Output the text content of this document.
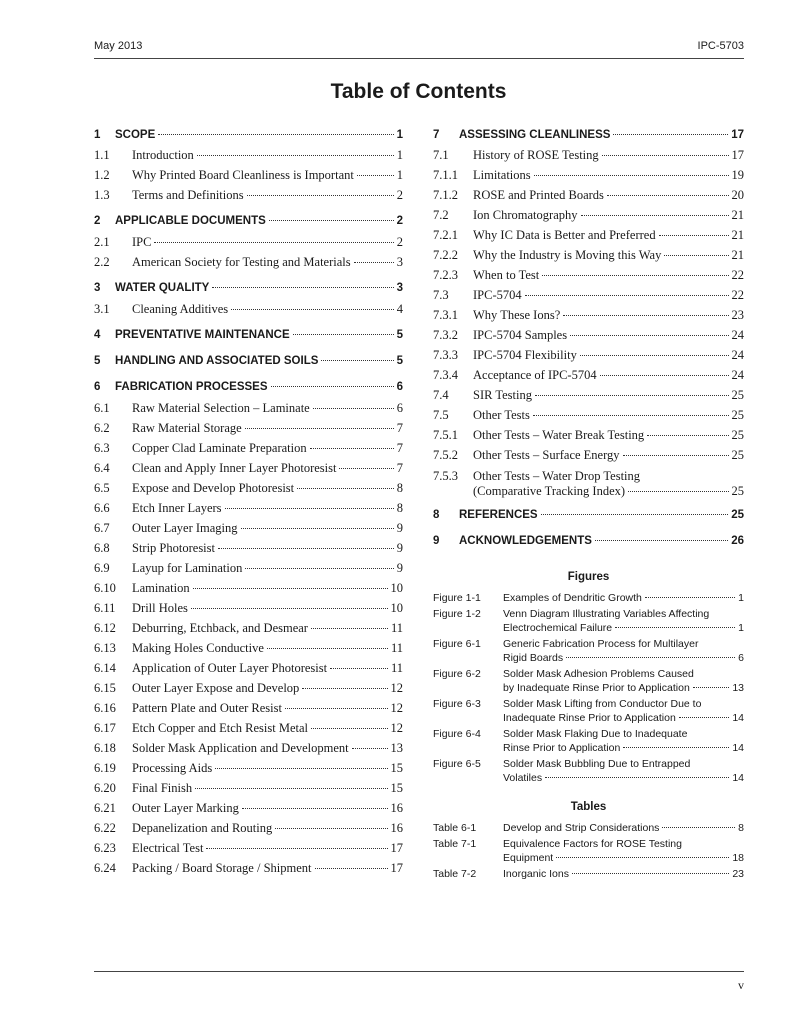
May 2013	IPC-5703
Table of Contents
1	SCOPE	1
1.1	Introduction	1
1.2	Why Printed Board Cleanliness is Important	1
1.3	Terms and Definitions	2
2	APPLICABLE DOCUMENTS	2
2.1	IPC	2
2.2	American Society for Testing and Materials	3
3	WATER QUALITY	3
3.1	Cleaning Additives	4
4	PREVENTATIVE MAINTENANCE	5
5	HANDLING AND ASSOCIATED SOILS	5
6	FABRICATION PROCESSES	6
6.1	Raw Material Selection – Laminate	6
6.2	Raw Material Storage	7
6.3	Copper Clad Laminate Preparation	7
6.4	Clean and Apply Inner Layer Photoresist	7
6.5	Expose and Develop Photoresist	8
6.6	Etch Inner Layers	8
6.7	Outer Layer Imaging	9
6.8	Strip Photoresist	9
6.9	Layup for Lamination	9
6.10	Lamination	10
6.11	Drill Holes	10
6.12	Deburring, Etchback, and Desmear	11
6.13	Making Holes Conductive	11
6.14	Application of Outer Layer Photoresist	11
6.15	Outer Layer Expose and Develop	12
6.16	Pattern Plate and Outer Resist	12
6.17	Etch Copper and Etch Resist Metal	12
6.18	Solder Mask Application and Development	13
6.19	Processing Aids	15
6.20	Final Finish	15
6.21	Outer Layer Marking	16
6.22	Depanelization and Routing	16
6.23	Electrical Test	17
6.24	Packing / Board Storage / Shipment	17
7	ASSESSING CLEANLINESS	17
7.1	History of ROSE Testing	17
7.1.1	Limitations	19
7.1.2	ROSE and Printed Boards	20
7.2	Ion Chromatography	21
7.2.1	Why IC Data is Better and Preferred	21
7.2.2	Why the Industry is Moving this Way	21
7.2.3	When to Test	22
7.3	IPC-5704	22
7.3.1	Why These Ions?	23
7.3.2	IPC-5704 Samples	24
7.3.3	IPC-5704 Flexibility	24
7.3.4	Acceptance of IPC-5704	24
7.4	SIR Testing	25
7.5	Other Tests	25
7.5.1	Other Tests – Water Break Testing	25
7.5.2	Other Tests – Surface Energy	25
7.5.3	Other Tests – Water Drop Testing
(Comparative Tracking Index)	25
8	REFERENCES	25
9	ACKNOWLEDGEMENTS	26
Figures
Figure 1-1	Examples of Dendritic Growth	1
Figure 1-2	Venn Diagram Illustrating Variables Affecting
Electrochemical Failure	1
Figure 6-1	Generic Fabrication Process for Multilayer
Rigid Boards	6
Figure 6-2	Solder Mask Adhesion Problems Caused
by Inadequate Rinse Prior to Application	13
Figure 6-3	Solder Mask Lifting from Conductor Due to
Inadequate Rinse Prior to Application	14
Figure 6-4	Solder Mask Flaking Due to Inadequate
Rinse Prior to Application	14
Figure 6-5	Solder Mask Bubbling Due to Entrapped
Volatiles	14
Tables
Table 6-1	Develop and Strip Considerations	8
Table 7-1	Equivalence Factors for ROSE Testing
Equipment	18
Table 7-2	Inorganic Ions	23
v
